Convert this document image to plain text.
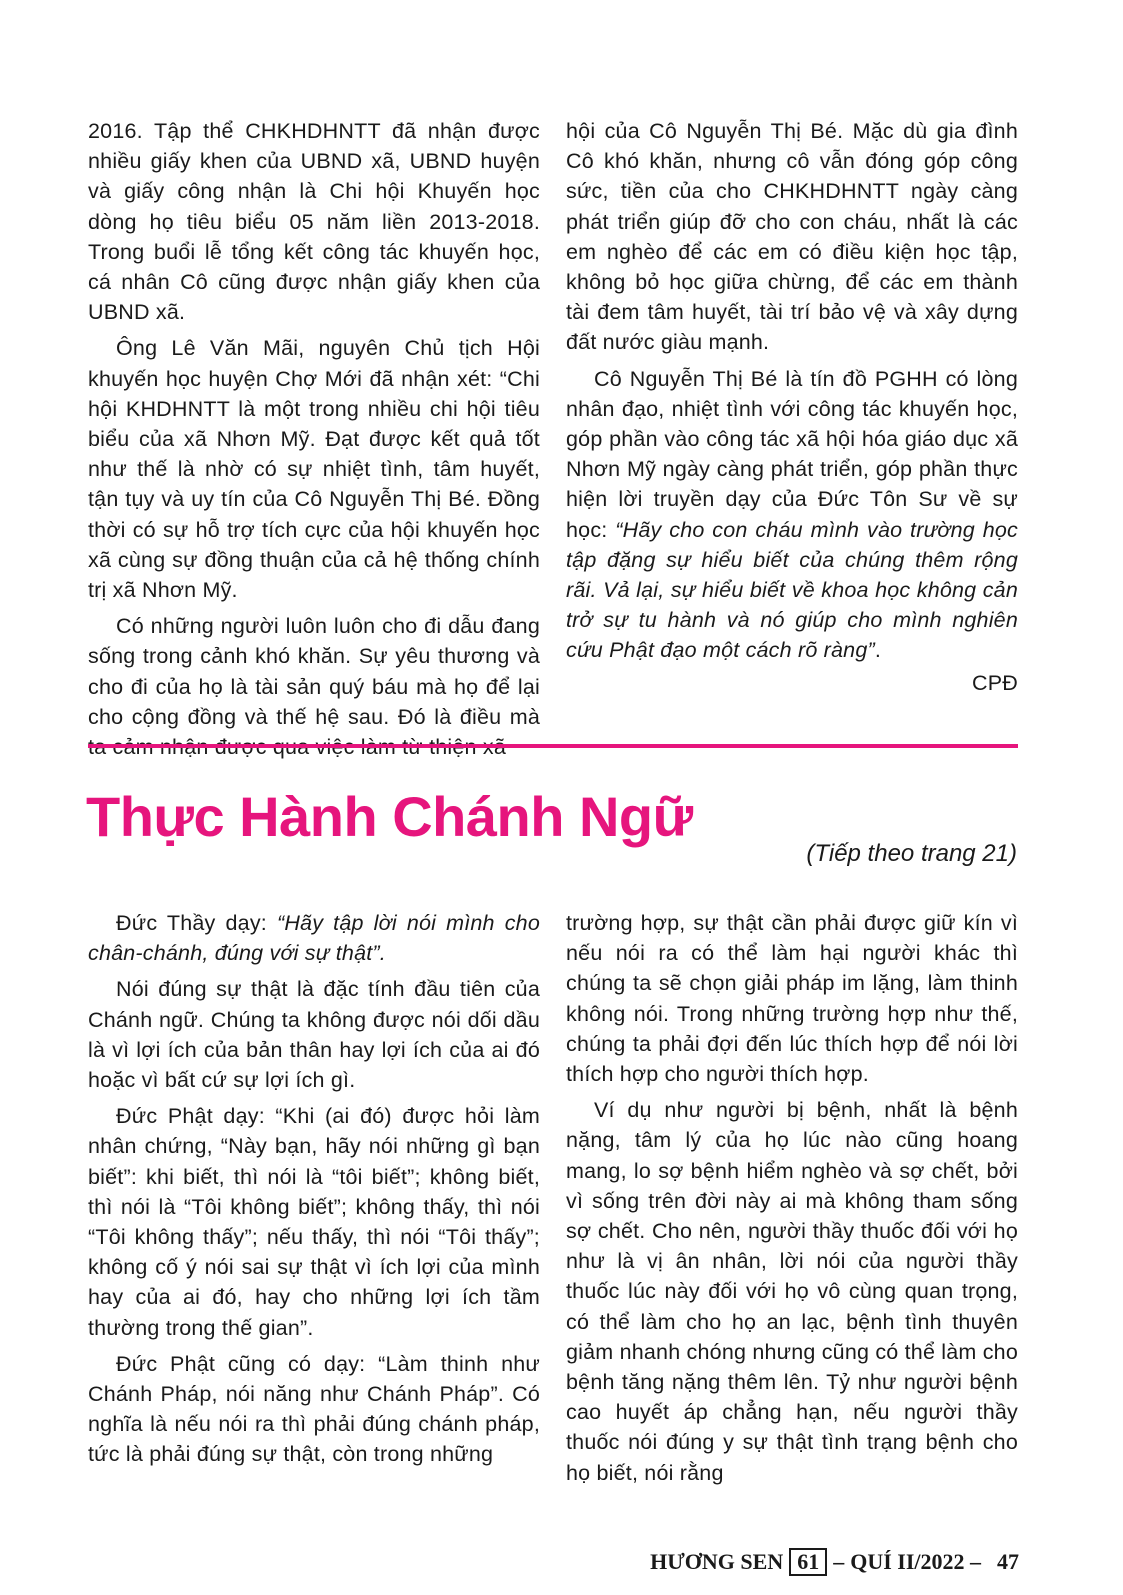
2016. Tập thể CHKHDHNTT đã nhận được nhiều giấy khen của UBND xã, UBND huyện và giấy công nhận là Chi hội Khuyến học dòng họ tiêu biểu 05 năm liền 2013-2018. Trong buổi lễ tổng kết công tác khuyến học, cá nhân Cô cũng được nhận giấy khen của UBND xã.

Ông Lê Văn Mãi, nguyên Chủ tịch Hội khuyến học huyện Chợ Mới đã nhận xét: “Chi hội KHDHNTT là một trong nhiều chi hội tiêu biểu của xã Nhơn Mỹ. Đạt được kết quả tốt như thế là nhờ có sự nhiệt tình, tâm huyết, tận tụy và uy tín của Cô Nguyễn Thị Bé. Đồng thời có sự hỗ trợ tích cực của hội khuyến học xã cùng sự đồng thuận của cả hệ thống chính trị xã Nhơn Mỹ.

Có những người luôn luôn cho đi dẫu đang sống trong cảnh khó khăn. Sự yêu thương và cho đi của họ là tài sản quý báu mà họ để lại cho cộng đồng và thế hệ sau. Đó là điều mà

hội của Cô Nguyễn Thị Bé. Mặc dù gia đình Cô khó khăn, nhưng cô vẫn đóng góp công sức, tiền của cho CHKHDHNTT ngày càng phát triển giúp đỡ cho con cháu, nhất là các em nghèo để các em có điều kiện học tập, không bỏ học giữa chừng, để các em thành tài đem tâm huyết, tài trí bảo vệ và xây dựng đất nước giàu mạnh.

Cô Nguyễn Thị Bé là tín đồ PGHH có lòng nhân đạo, nhiệt tình với công tác khuyến học, góp phần vào công tác xã hội hóa giáo dục xã Nhơn Mỹ ngày càng phát triển, góp phần thực hiện lời truyền dạy của Đức Tôn Sư về sự học: “Hãy cho con cháu mình vào trường học tập đặng sự hiểu biết của chúng thêm rộng rãi. Vả lại, sự hiểu biết về khoa học không cản trở sự tu hành và nó giúp cho mình nghiên cứu Phật đạo một cách rõ ràng”.

CPĐ

Thực Hành Chánh Ngữ
(Tiếp theo trang 21)

Đức Thầy dạy: “Hãy tập lời nói mình cho chân-chánh, đúng với sự thật”.

Nói đúng sự thật là đặc tính đầu tiên của Chánh ngữ. Chúng ta không được nói dối dầu là vì lợi ích của bản thân hay lợi ích của ai đó hoặc vì bất cứ sự lợi ích gì.

Đức Phật dạy: “Khi (ai đó) được hỏi làm nhân chứng, “Này bạn, hãy nói những gì bạn biết”: khi biết, thì nói là “tôi biết”; không biết, thì nói là “Tôi không biết”; không thấy, thì nói “Tôi không thấy”; nếu thấy, thì nói “Tôi thấy”; không cố ý nói sai sự thật vì ích lợi của mình hay của ai đó, hay cho những lợi ích tầm thường trong thế gian”.

Đức Phật cũng có dạy: “Làm thinh như Chánh Pháp, nói năng như Chánh Pháp”. Có nghĩa là nếu nói ra thì phải đúng chánh pháp, tức là phải đúng sự thật, còn trong những

trường hợp, sự thật cần phải được giữ kín vì nếu nói ra có thể làm hại người khác thì chúng ta sẽ chọn giải pháp im lặng, làm thinh không nói. Trong những trường hợp như thế, chúng ta phải đợi đến lúc thích hợp để nói lời thích hợp cho người thích hợp.

Ví dụ như người bị bệnh, nhất là bệnh nặng, tâm lý của họ lúc nào cũng hoang mang, lo sợ bệnh hiểm nghèo và sợ chết, bởi vì sống trên đời này ai mà không tham sống sợ chết. Cho nên, người thầy thuốc đối với họ như là vị ân nhân, lời nói của người thầy thuốc lúc này đối với họ vô cùng quan trọng, có thể làm cho họ an lạc, bệnh tình thuyên giảm nhanh chóng nhưng cũng có thể làm cho bệnh tăng nặng thêm lên. Tỷ như người bệnh cao huyết áp chẳng hạn, nếu người thầy thuốc nói đúng y sự thật tình trạng bệnh cho họ biết, nói rằng

HƯƠNG SEN 61 – QUÍ II/2022 – 47
